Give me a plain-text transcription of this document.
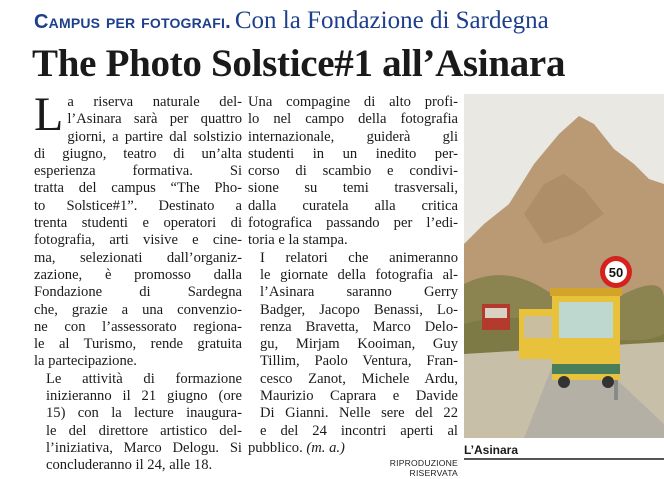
Campus per fotografi. Con la Fondazione di Sardegna
The Photo Solstice#1 all’Asinara

L a riserva naturale del-
l’Asinara sarà per quattro
giorni, a partire dal solstizio
di giugno, teatro di un’alta
esperienza formativa. Si
tratta del campus “The Pho-
to Solstice#1”. Destinato a
trenta studenti e operatori di
fotografia, arti visive e cine-
ma, selezionati dall’organiz-
zazione, è promosso dalla
Fondazione di Sardegna
che, grazie a una convenzio-
ne con l’assessorato regiona-
le al Turismo, rende gratuita
la partecipazione.

Le attività di formazione
inizieranno il 21 giugno (ore
15) con la lecture inaugura-
le del direttore artistico del-
l’iniziativa, Marco Delogu. Si
concluderanno il 24, alle 18.

Una compagine di alto profi-
lo nel campo della fotografia
internazionale, guiderà gli
studenti in un inedito per-
corso di scambio e condivi-
sione su temi trasversali,
dalla curatela alla critica
fotografica passando per l’edi-
toria e la stampa.

I relatori che animeranno
le giornate della fotografia al-
l’Asinara saranno Gerry
Badger, Jacopo Benassi, Lo-
renza Bravetta, Marco Delo-
gu, Mirjam Kooiman, Guy
Tillim, Paolo Ventura, Fran-
cesco Zanot, Michele Ardu,
Maurizio Caprara e Davide
Di Gianni. Nelle sere del 22
e del 24 incontri aperti al
pubblico. (m. a.)

RIPRODUZIONE RISERVATA
50
L’Asinara
